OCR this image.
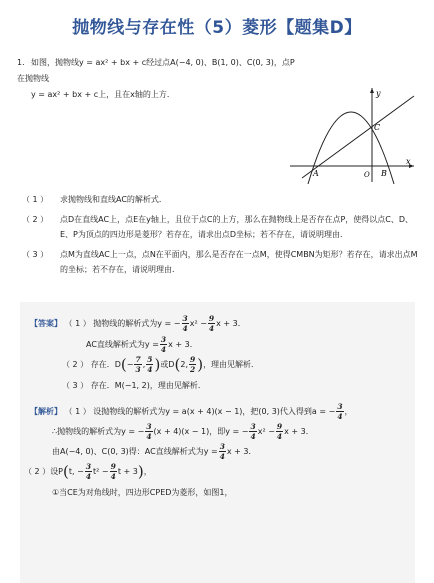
抛物线与存在性（5）菱形【题集D】
1. 如图，抛物线y = ax² + bx + c经过点A(−4, 0)、B(1, 0)、C(0, 3)，点P在抛物线
y = ax² + bx + c上，且在x轴的上方．	y
x
C
A	O B
（ 1 ）	求抛物线和直线AC的解析式．
（ 2 ）	点D在直线AC上，点E在y轴上，且位于点C的上方，那么在抛物线上是否存在点P，使得以点C、D、E、P为顶点的四边形是菱形？若存在，请求出点D坐标；若不存在，请说明理由．
（ 3 ）	点M为直线AC上一点，点N在平面内，那么是否存在一点M，使得CMBN为矩形？若存在，请求出点M的坐标；若不存在，请说明理由．
【答案】 （ 1 ） 抛物线的解析式为y = − $\frac{3}{4} x^2 - \frac{9}{4}$ x + 3．
AC直线解析式为$y = \frac{3}{4}$ x + 3．
（ 2 ） 存在．$D(- \frac{7}{3}$ , $\frac{5}{4}$ )或D(2, $\frac{9}{2}$ )，理由见解析．
（ 3 ） 存在．M(−1, 2)，理由见解析．
【解析】 （ 1 ） 设抛物线的解析式为y = a(x + 4)(x − 1)，把(0, 3)代入得到a = − $\frac{3}{4}$ ，
∴抛物线的解析式为y = − $\frac{3}{4} (x + 4)(x - 1)$，即y = − $\frac{3}{4} x^2 - \frac{9}{4}$ x + 3．
由A(−4, 0)、C(0, 3)得：AC直线解析式为$y = \frac{3}{4}$ x + 3．
（ 2 ）设P(t, − $\frac{3}{4} t^2 - \frac{9}{4}$ t + 3)，
①当CE为对角线时，四边形CPED为菱形，如图1，
